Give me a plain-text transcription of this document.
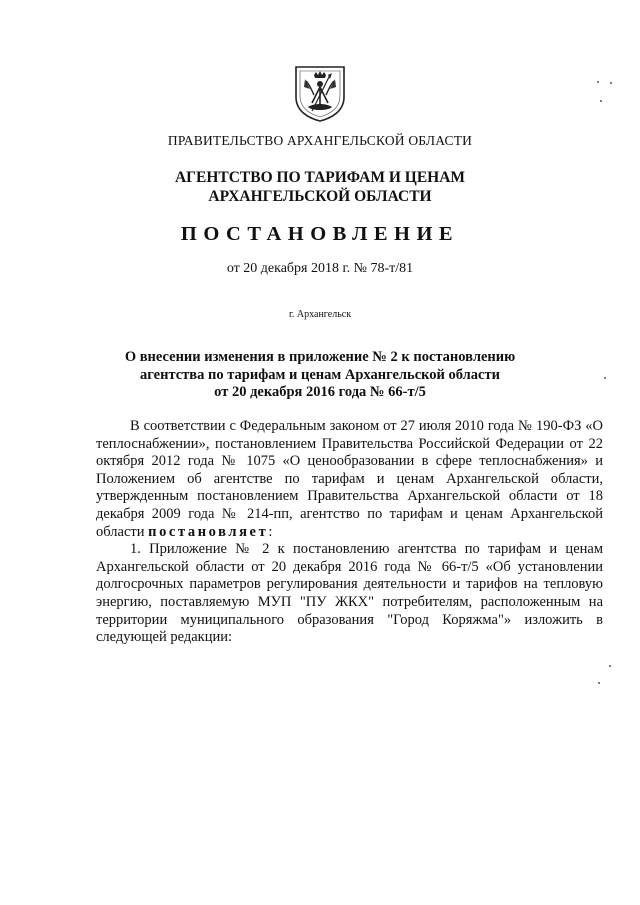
ПРАВИТЕЛЬСТВО АРХАНГЕЛЬСКОЙ ОБЛАСТИ
АГЕНТСТВО ПО ТАРИФАМ И ЦЕНАМ
АРХАНГЕЛЬСКОЙ ОБЛАСТИ
ПОСТАНОВЛЕНИЕ
от 20 декабря 2018 г. № 78-т/81
г. Архангельск
О внесении изменения в приложение № 2 к постановлению
агентства по тарифам и ценам Архангельской области
от 20 декабря 2016 года № 66-т/5

В соответствии с Федеральным законом от 27 июля 2010 года № 190-ФЗ «О теплоснабжении», постановлением Правительства Российской Федерации от 22 октября 2012 года № 1075 «О ценообразовании в сфере теплоснабжения» и Положением об агентстве по тарифам и ценам Архангельской области, утвержденным постановлением Правительства Архангельской области от 18 декабря 2009 года № 214-пп, агентство по тарифам и ценам Архангельской области постановляет:

1. Приложение № 2 к постановлению агентства по тарифам и ценам Архангельской области от 20 декабря 2016 года № 66-т/5 «Об установлении долгосрочных параметров регулирования деятельности и тарифов на тепловую энергию, поставляемую МУП "ПУ ЖКХ" потребителям, расположенным на территории муниципального образования "Город Коряжма"» изложить в следующей редакции:
